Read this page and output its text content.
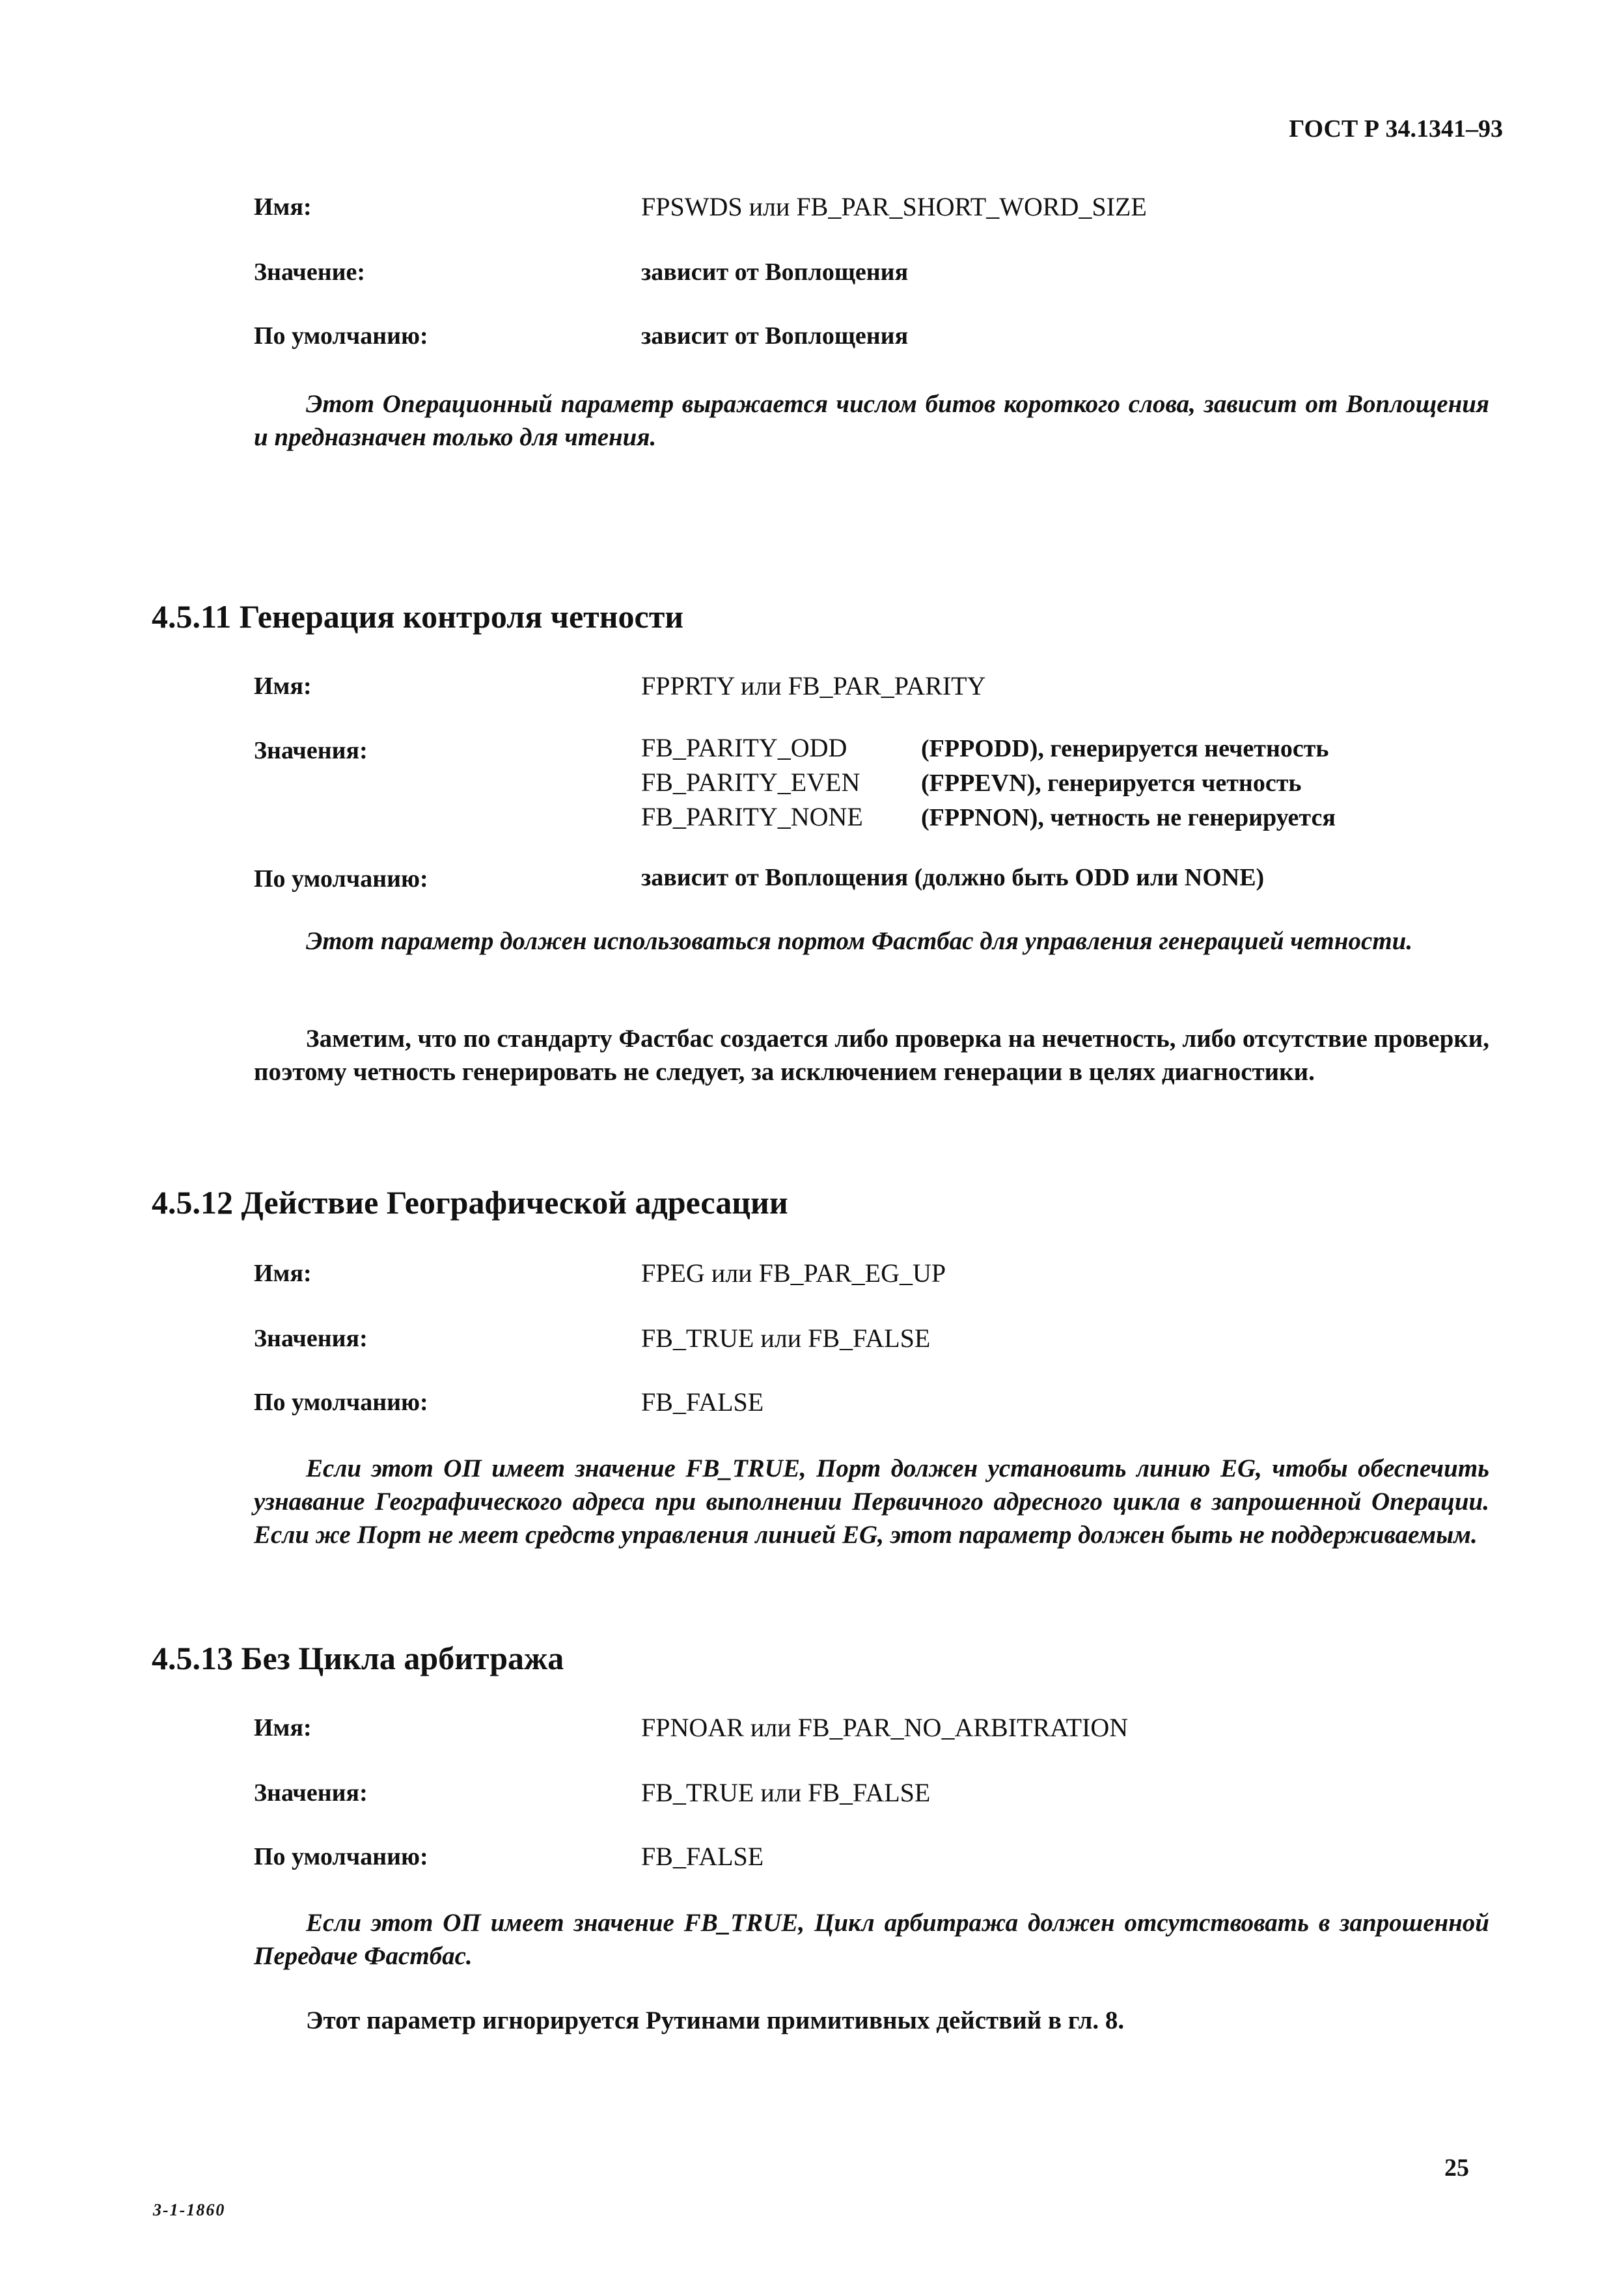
ГОСТ Р 34.1341–93
Имя:	FPSWDS или FB_PAR_SHORT_WORD_SIZE
Значение:	зависит от Воплощения
По умолчанию:	зависит от Воплощения

Этот Операционный параметр выражается числом битов короткого слова, зависит от Воплощения и предназначен только для чтения.

4.5.11 Генерация контроля четности
Имя:	FPPRTY или FB_PAR_PARITY
Значения:	FB_PARITY_ODD	(FPPODD), генерируется нечетность
FB_PARITY_EVEN (FPPEVN), генерируется четность
FB_PARITY_NONE (FPPNON), четность не генерируется
По умолчанию:	зависит от Воплощения (должно быть ODD или NONE)

Этот параметр должен использоваться портом Фастбас для управления генерацией четности.

Заметим, что по стандарту Фастбас создается либо проверка на нечетность, либо отсутствие проверки, поэтому четность генерировать не следует, за исключением генерации в целях диагностики.

4.5.12 Действие Географической адресации
Имя:	FPEG или FB_PAR_EG_UP
Значения:	FB_TRUE или FB_FALSE
По умолчанию:	FB_FALSE

Если этот ОП имеет значение FB_TRUE, Порт должен установить линию EG, чтобы обеспечить узнавание Географического адреса при выполнении Первичного адресного цикла в запрошенной Операции. Если же Порт не меет средств управления линией EG, этот параметр должен быть не поддерживаемым.

4.5.13 Без Цикла арбитража
Имя:	FPNOAR или FB_PAR_NO_ARBITRATION
Значения:	FB_TRUE или FB_FALSE
По умолчанию:	FB_FALSE

Если этот ОП имеет значение FB_TRUE, Цикл арбитража должен отсутствовать в запрошенной Передаче Фастбас.

Этот параметр игнорируется Рутинами примитивных действий в гл. 8.

25
3-1-1860
